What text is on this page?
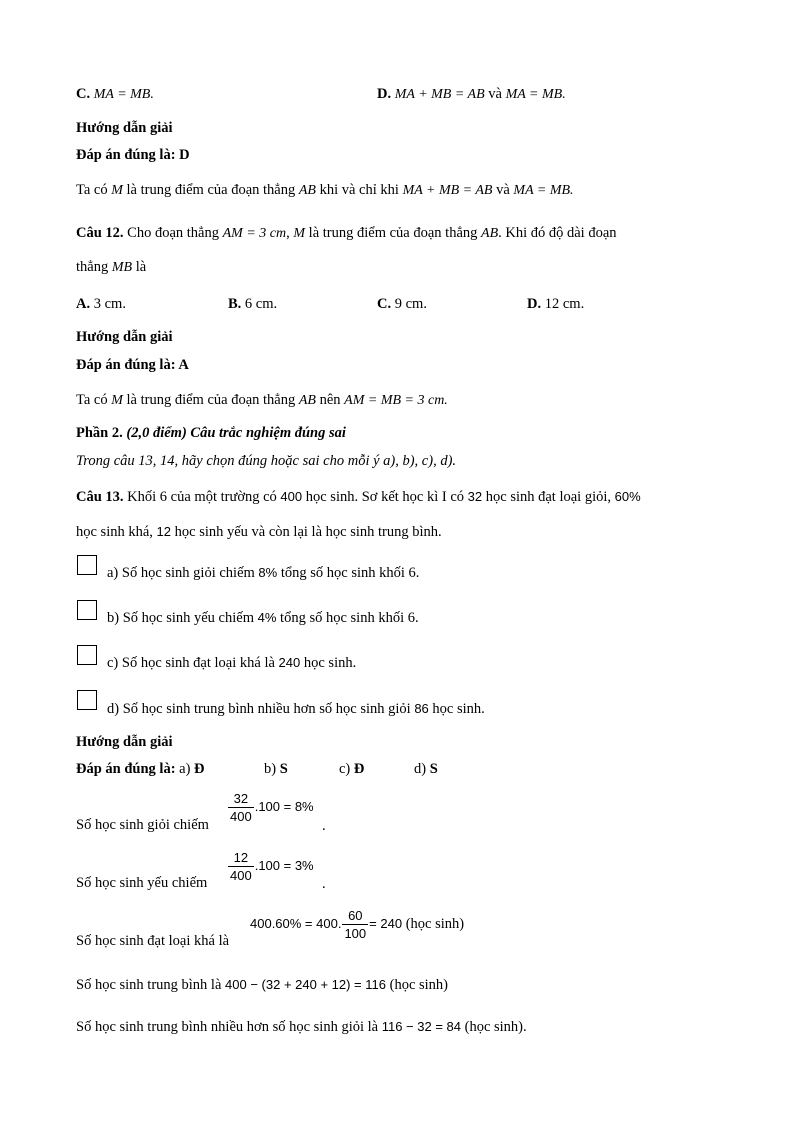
C. MA = MB.	D. MA + MB = AB và MA = MB.
Hướng dẫn giải
Đáp án đúng là: D
Ta có M là trung điểm của đoạn thẳng AB khi và chỉ khi MA + MB = AB và MA = MB.
Câu 12. Cho đoạn thẳng AM = 3 cm, M là trung điểm của đoạn thẳng AB. Khi đó độ dài đoạn
thẳng MB là
A. 3 cm.	B. 6 cm.	C. 9 cm.	D. 12 cm.
Hướng dẫn giải
Đáp án đúng là: A
Ta có M là trung điểm của đoạn thẳng AB nên AM = MB = 3 cm.
Phần 2. (2,0 điểm) Câu trắc nghiệm đúng sai
Trong câu 13, 14, hãy chọn đúng hoặc sai cho mỗi ý a), b), c), d).
Câu 13. Khối 6 của một trường có 400 học sinh. Sơ kết học kì I có 32 học sinh đạt loại giỏi, 60%
học sinh khá, 12 học sinh yếu và còn lại là học sinh trung bình.
a) Số học sinh giỏi chiếm 8% tổng số học sinh khối 6.
b) Số học sinh yếu chiếm 4% tổng số học sinh khối 6.
c) Số học sinh đạt loại khá là 240 học sinh.
d) Số học sinh trung bình nhiều hơn số học sinh giỏi 86 học sinh.
Hướng dẫn giải
Đáp án đúng là: a) Đ	b) S	c) Đ	d) S
Số học sinh giỏi chiếm $\frac{32}{400} .100 = 8\%$
.
Số học sinh yếu chiếm $\frac{12}{400} .100 = 3\%$
.
Số học sinh đạt loại khá là
400.60% = 400. $\frac{60}{100} = 240$ (học sinh)
Số học sinh trung bình là 400 − (32 + 240 + 12) = 116 (học sinh)
Số học sinh trung bình nhiều hơn số học sinh giỏi là 116 − 32 = 84 (học sinh).
